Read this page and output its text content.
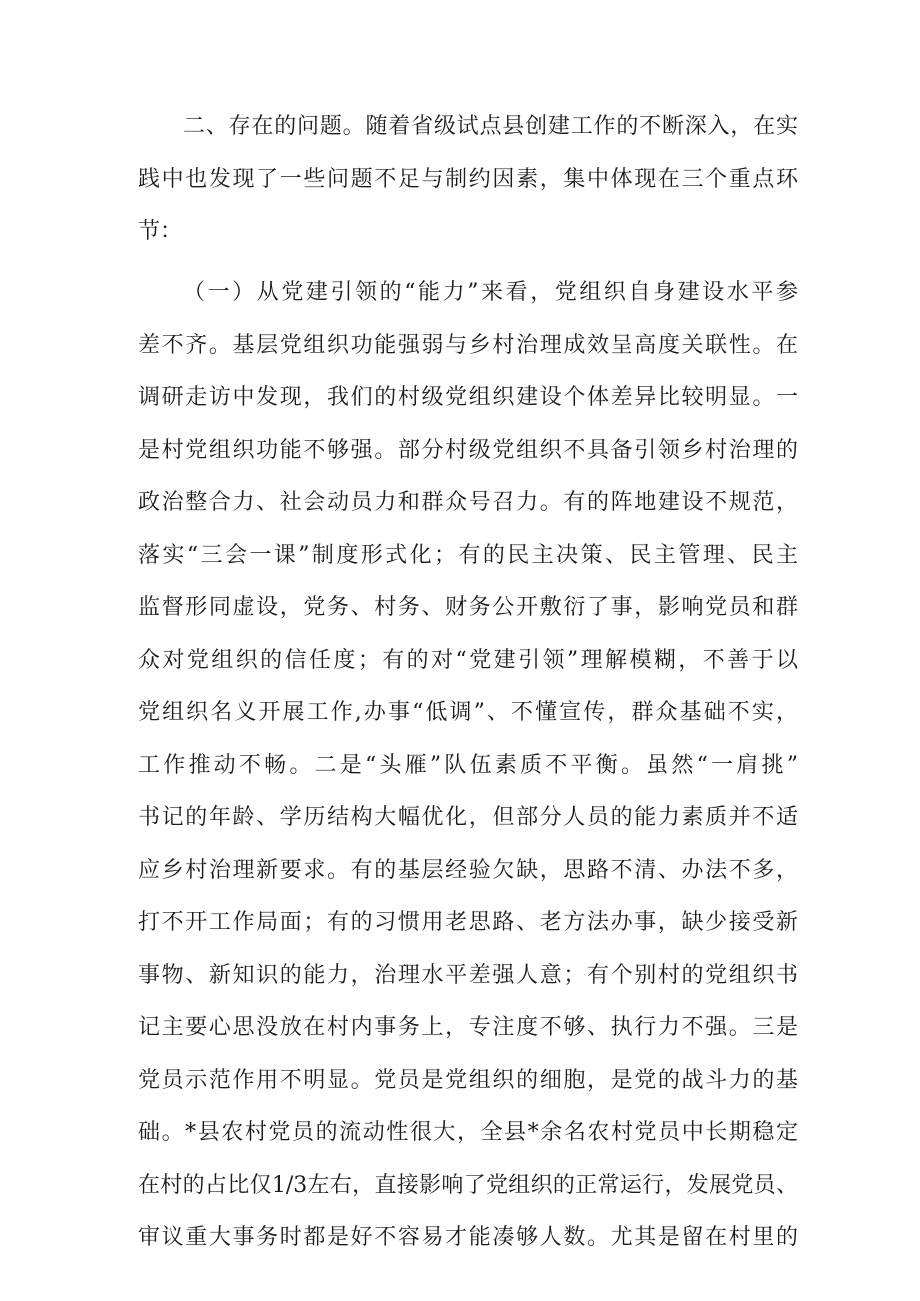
二、存在的问题。随着省级试点县创建工作的不断深入，在实
践中也发现了一些问题不足与制约因素，集中体现在三个重点环
节：
（一）从党建引领的“能力”来看，党组织自身建设水平参
差不齐。基层党组织功能强弱与乡村治理成效呈高度关联性。在
调研走访中发现，我们的村级党组织建设个体差异比较明显。一
是村党组织功能不够强。部分村级党组织不具备引领乡村治理的
政治整合力、社会动员力和群众号召力。有的阵地建设不规范，
落实“三会一课”制度形式化；有的民主决策、民主管理、民主
监督形同虚设，党务、村务、财务公开敷衍了事，影响党员和群
众对党组织的信任度；有的对“党建引领”理解模糊，不善于以
党组织名义开展工作,办事“低调”、不懂宣传，群众基础不实，
工作推动不畅。二是“头雁”队伍素质不平衡。虽然“一肩挑”
书记的年龄、学历结构大幅优化，但部分人员的能力素质并不适
应乡村治理新要求。有的基层经验欠缺，思路不清、办法不多，
打不开工作局面；有的习惯用老思路、老方法办事，缺少接受新
事物、新知识的能力，治理水平差强人意；有个别村的党组织书
记主要心思没放在村内事务上，专注度不够、执行力不强。三是
党员示范作用不明显。党员是党组织的细胞，是党的战斗力的基
础。*县农村党员的流动性很大，全县*余名农村党员中长期稳定
在村的占比仅1/3左右，直接影响了党组织的正常运行，发展党员、
审议重大事务时都是好不容易才能凑够人数。尤其是留在村里的
